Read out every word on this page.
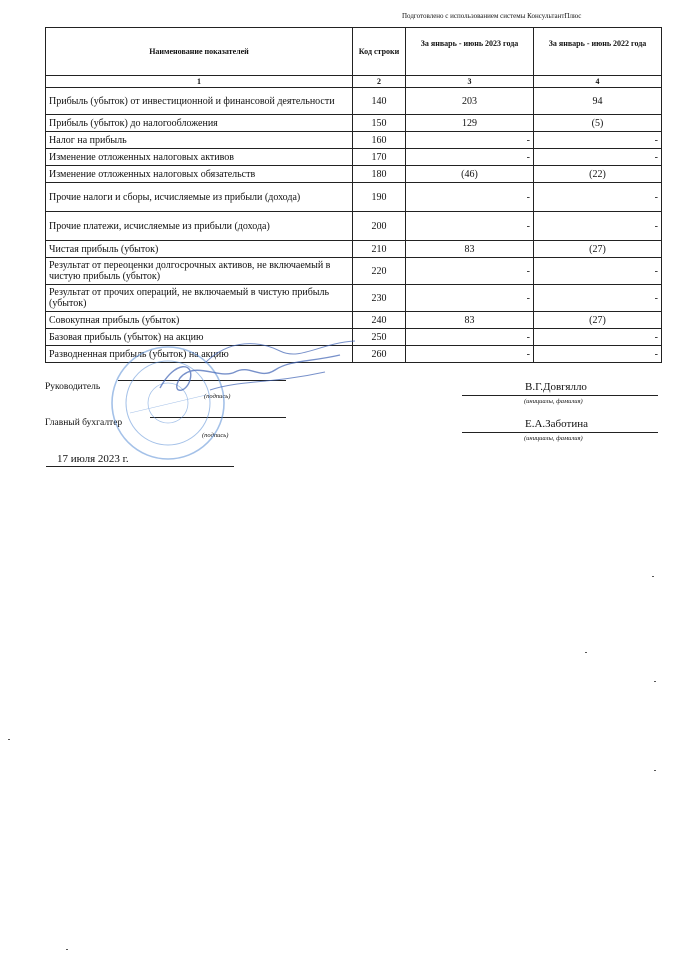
Подготовлено с использованием системы КонсультантПлюс
Наименование показателей	Код строки	За январь - июнь 2023 года	За январь - июнь 2022 года
1	2	3	4
Прибыль (убыток) от инвестиционной и финансовой деятельности	140	203	94
Прибыль (убыток) до налогообложения	150	129	(5)
Налог на прибыль	160	-	-
Изменение отложенных налоговых активов	170	-	-
Изменение отложенных налоговых обязательств	180	(46)	(22)
Прочие налоги и сборы, исчисляемые из прибыли (дохода)	190	-	-
Прочие платежи, исчисляемые из прибыли (дохода)	200	-	-
Чистая прибыль (убыток)	210	83	(27)
Результат от переоценки долгосрочных активов, не включаемый в чистую прибыль (убыток)	220	-	-
Результат от прочих операций, не включаемый в чистую прибыль (убыток)	230	-	-
Совокупная прибыль (убыток)	240	83	(27)
Базовая прибыль (убыток) на акцию	250	-	-
Разводненная прибыль (убыток) на акцию	260	-	-
Руководитель
(подпись)
В.Г.Довгялло
(инициалы, фамилия)
Главный бухгалтер
(подпись)
Е.А.Заботина
(инициалы, фамилия)
17 июля 2023 г.
